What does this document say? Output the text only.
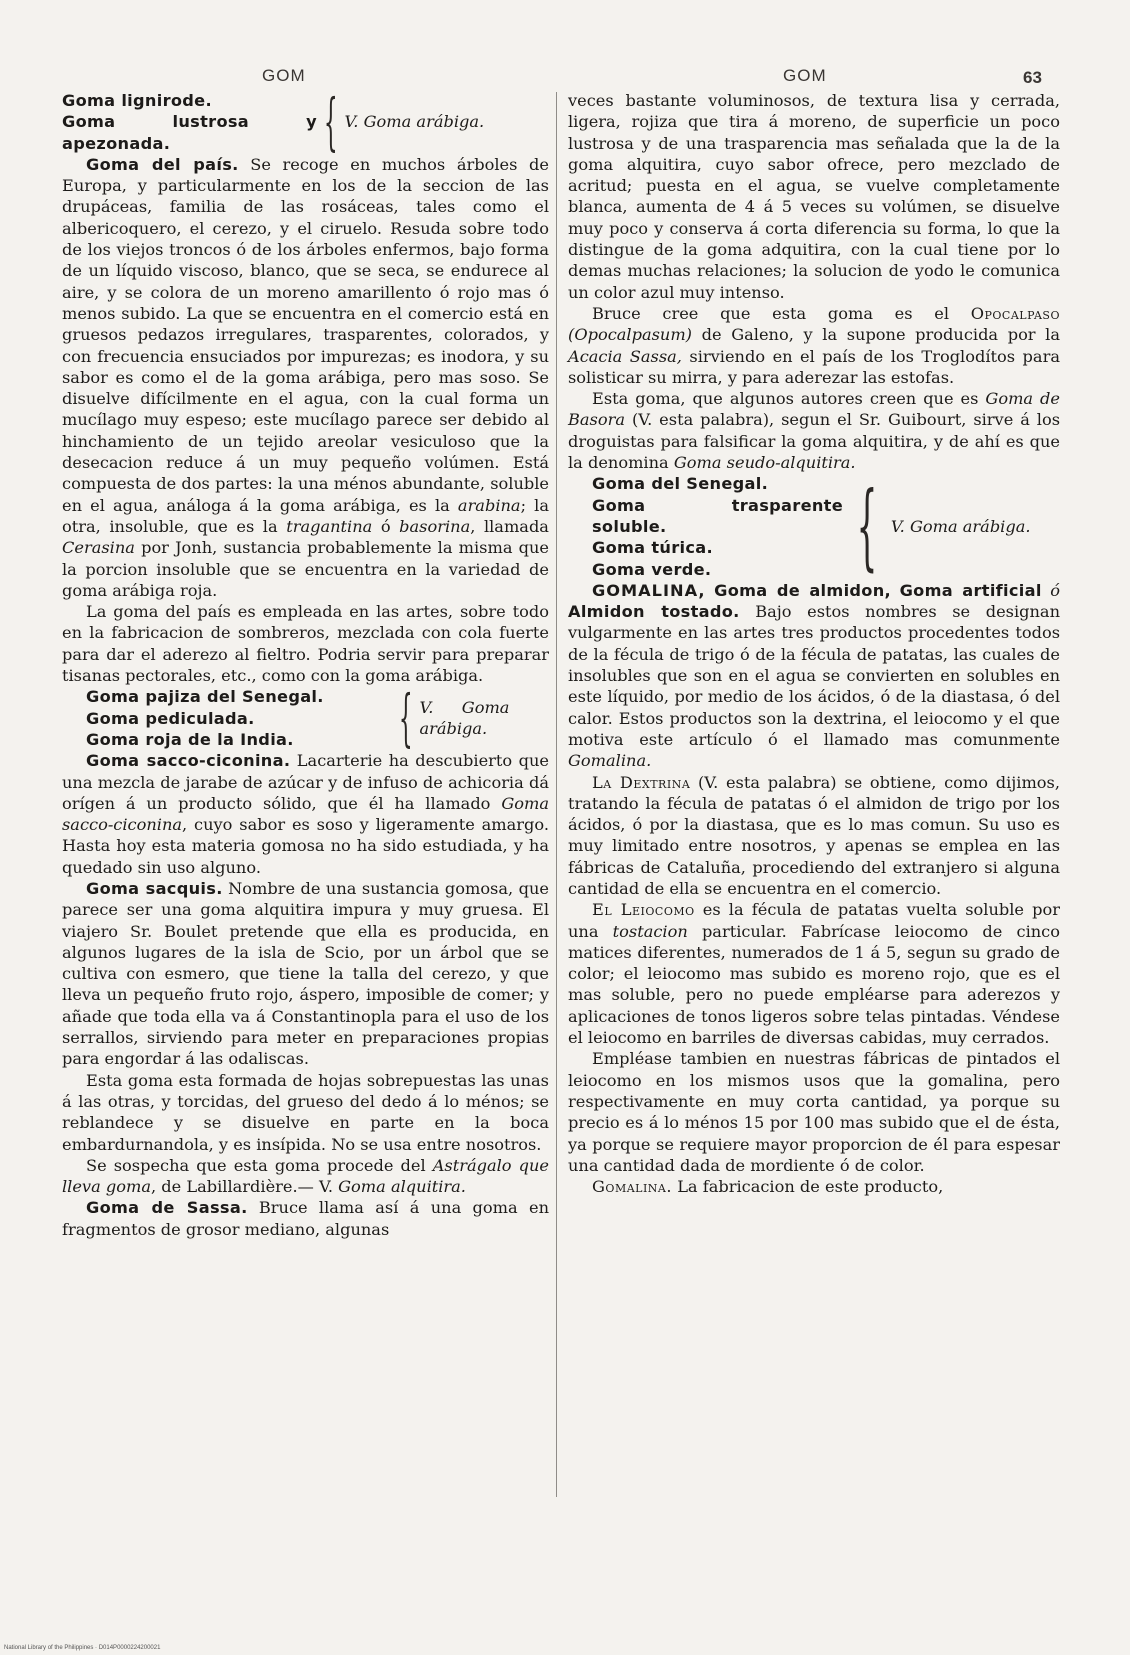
GOM	GOM	63
Goma lignirode.
Goma lustrosa y apezonada.	{ V. Goma arábiga.

Goma del país. Se recoge en muchos árboles de Europa, y particularmente en los de la seccion de las drupáceas, familia de las rosáceas, tales como el albericoquero, el cerezo, y el ciruelo. Resuda sobre todo de los viejos troncos ó de los árboles enfermos, bajo forma de un líquido viscoso, blanco, que se seca, se endurece al aire, y se colora de un moreno amarillento ó rojo mas ó menos subido. La que se encuentra en el comercio está en gruesos pedazos irregulares, trasparentes, colorados, y con frecuencia ensuciados por impurezas; es inodora, y su sabor es como el de la goma arábiga, pero mas soso. Se disuelve difícilmente en el agua, con la cual forma un mucílago muy espeso; este mucílago parece ser debido al hinchamiento de un tejido areolar vesiculoso que la desecacion reduce á un muy pequeño volúmen. Está compuesta de dos partes: la una ménos abundante, soluble en el agua, análoga á la goma arábiga, es la arabina; la otra, insoluble, que es la tragantina ó basorina, llamada Cerasina por Jonh, sustancia probablemente la misma que la porcion insoluble que se encuentra en la variedad de goma arábiga roja.

La goma del país es empleada en las artes, sobre todo en la fabricacion de sombreros, mezclada con cola fuerte para dar el aderezo al fieltro. Podria servir para preparar tisanas pectorales, etc., como con la goma arábiga.

Goma pajiza del Senegal.
Goma pediculada.
Goma roja de la India.	{ V. Goma arábiga.

Goma sacco-ciconina. Lacarterie ha descubierto que una mezcla de jarabe de azúcar y de infuso de achicoria dá orígen á un producto sólido, que él ha llamado Goma sacco-ciconina, cuyo sabor es soso y ligeramente amargo. Hasta hoy esta materia gomosa no ha sido estudiada, y ha quedado sin uso alguno.

Goma sacquis. Nombre de una sustancia gomosa, que parece ser una goma alquitira impura y muy gruesa. El viajero Sr. Boulet pretende que ella es producida, en algunos lugares de la isla de Scio, por un árbol que se cultiva con esmero, que tiene la talla del cerezo, y que lleva un pequeño fruto rojo, áspero, imposible de comer; y añade que toda ella va á Constantinopla para el uso de los serrallos, sirviendo para meter en preparaciones propias para engordar á las odaliscas.

Esta goma esta formada de hojas sobrepuestas las unas á las otras, y torcidas, del grueso del dedo á lo ménos; se reblandece y se disuelve en parte en la boca embardurnandola, y es insípida. No se usa entre nosotros.

Se sospecha que esta goma procede del Astrágalo que lleva goma, de Labillardière.— V. Goma alquitira.

Goma de Sassa. Bruce llama así á una goma en fragmentos de grosor mediano, algunas

veces bastante voluminosos, de textura lisa y cerrada, ligera, rojiza que tira á moreno, de superficie un poco lustrosa y de una trasparencia mas señalada que la de la goma alquitira, cuyo sabor ofrece, pero mezclado de acritud; puesta en el agua, se vuelve completamente blanca, aumenta de 4 á 5 veces su volúmen, se disuelve muy poco y conserva á corta diferencia su forma, lo que la distingue de la goma adquitira, con la cual tiene por lo demas muchas relaciones; la solucion de yodo le comunica un color azul muy intenso.

Bruce cree que esta goma es el Opocalpaso (Opocalpasum) de Galeno, y la supone producida por la Acacia Sassa, sirviendo en el país de los Troglodítos para solisticar su mirra, y para aderezar las estofas.

Esta goma, que algunos autores creen que es Goma de Basora (V. esta palabra), segun el Sr. Guibourt, sirve á los droguistas para falsificar la goma alquitira, y de ahí es que la denomina Goma seudo-alquitira.

Goma del Senegal.
Goma trasparente soluble.
Goma túrica.
Goma verde.	{ V. Goma arábiga.

GOMALINA, Goma de almidon, Goma artificial ó Almidon tostado. Bajo estos nombres se designan vulgarmente en las artes tres productos procedentes todos de la fécula de trigo ó de la fécula de patatas, las cuales de insolubles que son en el agua se convierten en solubles en este líquido, por medio de los ácidos, ó de la diastasa, ó del calor. Estos productos son la dextrina, el leiocomo y el que motiva este artículo ó el llamado mas comunmente Gomalina.

La Dextrina (V. esta palabra) se obtiene, como dijimos, tratando la fécula de patatas ó el almidon de trigo por los ácidos, ó por la diastasa, que es lo mas comun. Su uso es muy limitado entre nosotros, y apenas se emplea en las fábricas de Cataluña, procediendo del extranjero si alguna cantidad de ella se encuentra en el comercio.

El Leiocomo es la fécula de patatas vuelta soluble por una tostacion particular. Fabrícase leiocomo de cinco matices diferentes, numerados de 1 á 5, segun su grado de color; el leiocomo mas subido es moreno rojo, que es el mas soluble, pero no puede empléarse para aderezos y aplicaciones de tonos ligeros sobre telas pintadas. Véndese el leiocomo en barriles de diversas cabidas, muy cerrados.

Empléase tambien en nuestras fábricas de pintados el leiocomo en los mismos usos que la gomalina, pero respectivamente en muy corta cantidad, ya porque su precio es á lo ménos 15 por 100 mas subido que el de ésta, ya porque se requiere mayor proporcion de él para espesar una cantidad dada de mordiente ó de color.

Gomalina. La fabricacion de este producto,

National Library of the Philippines · D014P0000224200021
